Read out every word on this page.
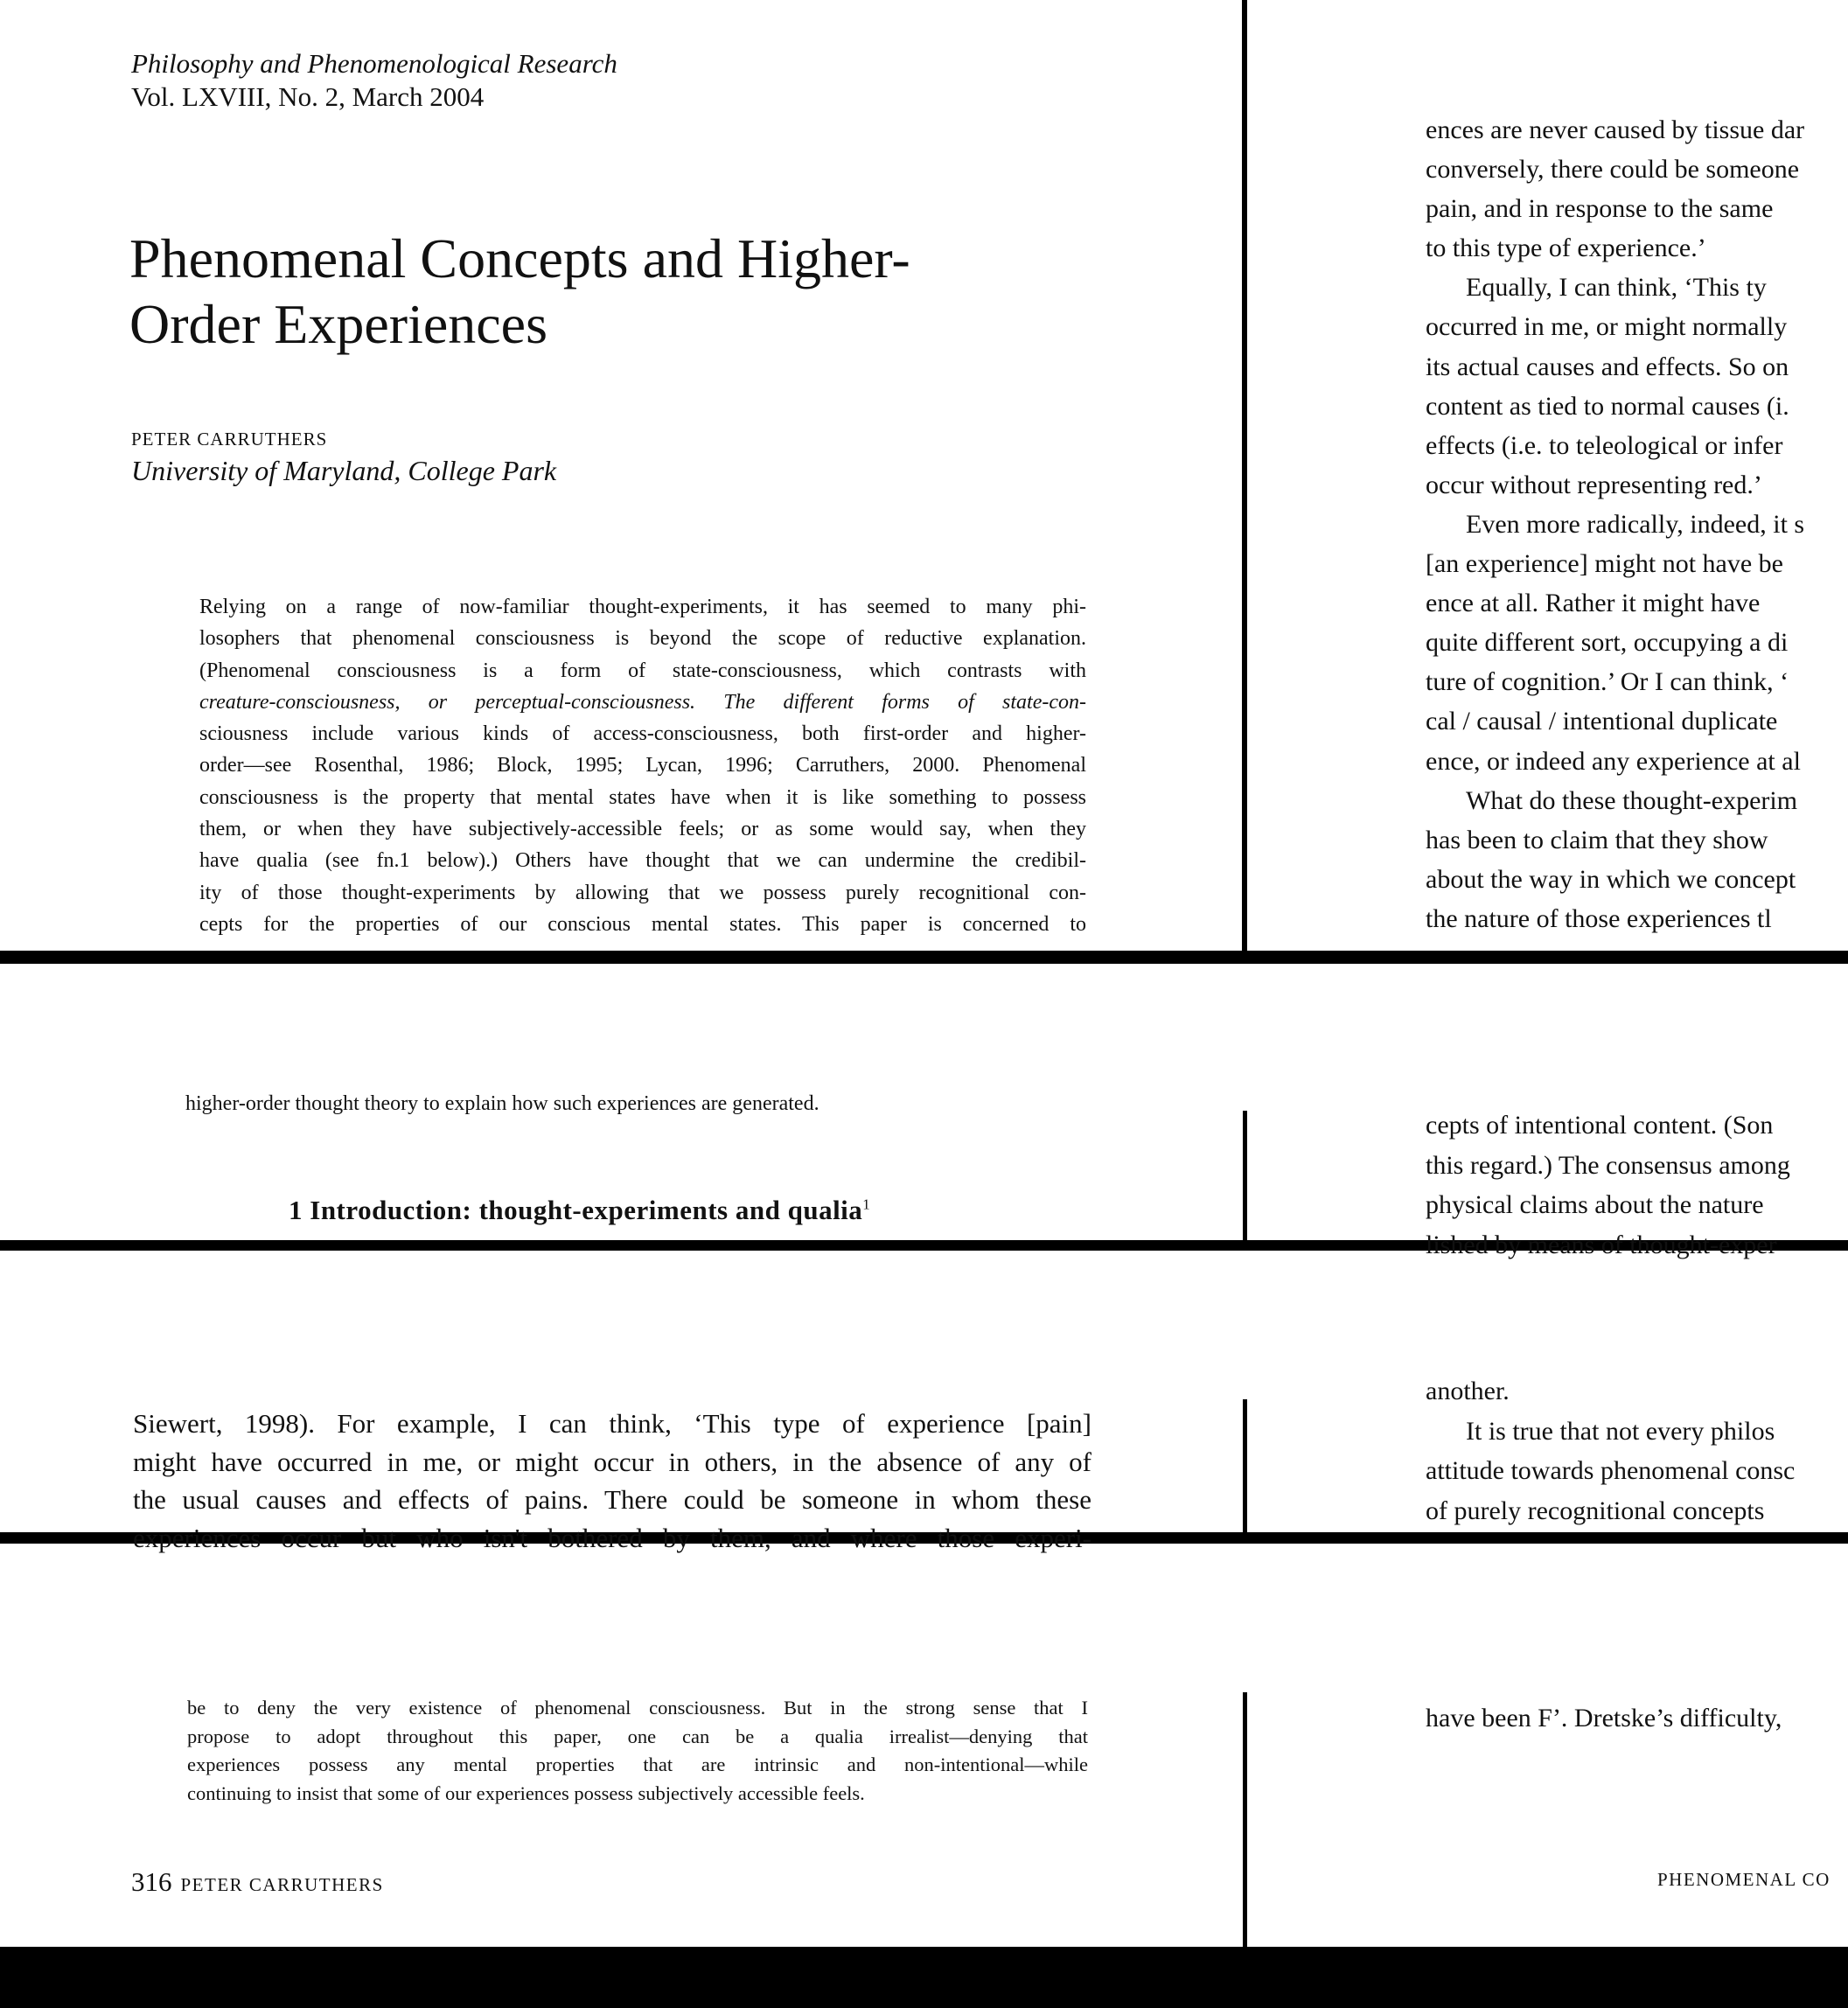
Philosophy and Phenomenological Research
Vol. LXVIII, No. 2, March 2004
Phenomenal Concepts and Higher-
Order Experiences
PETER CARRUTHERS
University of Maryland, College Park
Relying on a range of now-familiar thought-experiments, it has seemed to many phi-
losophers that phenomenal consciousness is beyond the scope of reductive explanation.
(Phenomenal consciousness is a form of state-consciousness, which contrasts with
creature-consciousness, or perceptual-consciousness. The different forms of state-con-
sciousness include various kinds of access-consciousness, both first-order and higher-
order—see Rosenthal, 1986; Block, 1995; Lycan, 1996; Carruthers, 2000. Phenomenal
consciousness is the property that mental states have when it is like something to possess
them, or when they have subjectively-accessible feels; or as some would say, when they
have qualia (see fn.1 below).) Others have thought that we can undermine the credibil-
ity of those thought-experiments by allowing that we possess purely recognitional con-
cepts for the properties of our conscious mental states. This paper is concerned to
higher-order thought theory to explain how such experiences are generated.
1 Introduction: thought-experiments and qualia$^1$
Siewert, 1998). For example, I can think, ‘This type of experience [pain]
might have occurred in me, or might occur in others, in the absence of any of
the usual causes and effects of pains. There could be someone in whom these
experiences occur but who isn't bothered by them, and where those experi-
be to deny the very existence of phenomenal consciousness. But in the strong sense that I
propose to adopt throughout this paper, one can be a qualia irrealist—denying that
experiences possess any mental properties that are intrinsic and non-intentional—while
continuing to insist that some of our experiences possess subjectively accessible feels.
316 PETER CARRUTHERS
ences are never caused by tissue dar
conversely, there could be someone
pain, and in response to the same
to this type of experience.’
Equally, I can think, ‘This ty
occurred in me, or might normally
its actual causes and effects. So on
content as tied to normal causes (i.
effects (i.e. to teleological or infer
occur without representing red.’
Even more radically, indeed, it s
[an experience] might not have be
ence at all. Rather it might have
quite different sort, occupying a di
ture of cognition.’ Or I can think, ‘
cal / causal / intentional duplicate
ence, or indeed any experience at al
What do these thought-experim
has been to claim that they show
about the way in which we concept
the nature of those experiences tl
cepts of intentional content. (Son
this regard.) The consensus among
physical claims about the nature
lished by means of thought-exper
another.
It is true that not every philos
attitude towards phenomenal consc
of purely recognitional concepts
have been F’. Dretske’s difficulty,
PHENOMENAL CO
